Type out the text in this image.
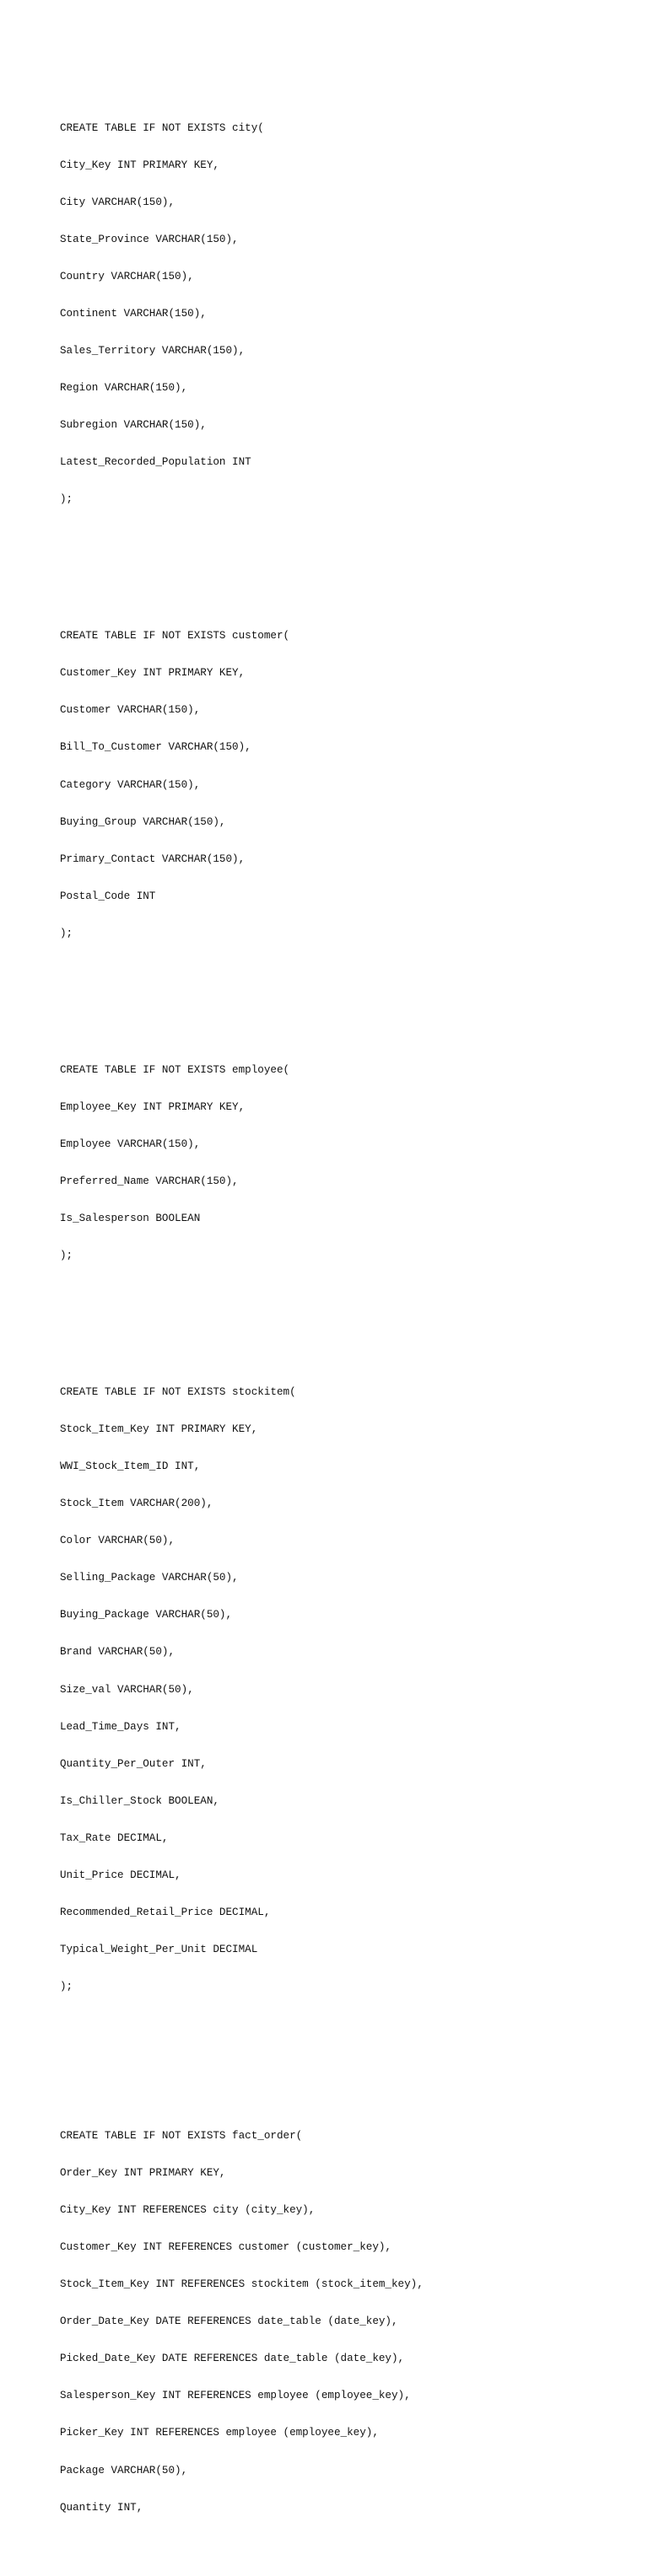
CREATE TABLE IF NOT EXISTS city(

City_Key INT PRIMARY KEY,

City VARCHAR(150),

State_Province VARCHAR(150),

Country VARCHAR(150),

Continent VARCHAR(150),

Sales_Territory VARCHAR(150),

Region VARCHAR(150),

Subregion VARCHAR(150),

Latest_Recorded_Population INT

);

CREATE TABLE IF NOT EXISTS customer(

Customer_Key INT PRIMARY KEY,

Customer VARCHAR(150),

Bill_To_Customer VARCHAR(150),

Category VARCHAR(150),

Buying_Group VARCHAR(150),

Primary_Contact VARCHAR(150),

Postal_Code INT

);

CREATE TABLE IF NOT EXISTS employee(

Employee_Key INT PRIMARY KEY,

Employee VARCHAR(150),

Preferred_Name VARCHAR(150),

Is_Salesperson BOOLEAN

);

CREATE TABLE IF NOT EXISTS stockitem(

Stock_Item_Key INT PRIMARY KEY,

WWI_Stock_Item_ID INT,

Stock_Item VARCHAR(200),

Color VARCHAR(50),

Selling_Package VARCHAR(50),

Buying_Package VARCHAR(50),

Brand VARCHAR(50),

Size_val VARCHAR(50),

Lead_Time_Days INT,

Quantity_Per_Outer INT,

Is_Chiller_Stock BOOLEAN,

Tax_Rate DECIMAL,

Unit_Price DECIMAL,

Recommended_Retail_Price DECIMAL,

Typical_Weight_Per_Unit DECIMAL

);

CREATE TABLE IF NOT EXISTS fact_order(

Order_Key INT PRIMARY KEY,

City_Key INT REFERENCES city (city_key),

Customer_Key INT REFERENCES customer (customer_key),

Stock_Item_Key INT REFERENCES stockitem (stock_item_key),

Order_Date_Key DATE REFERENCES date_table (date_key),

Picked_Date_Key DATE REFERENCES date_table (date_key),

Salesperson_Key INT REFERENCES employee (employee_key),

Picker_Key INT REFERENCES employee (employee_key),

Package VARCHAR(50),

Quantity INT,
